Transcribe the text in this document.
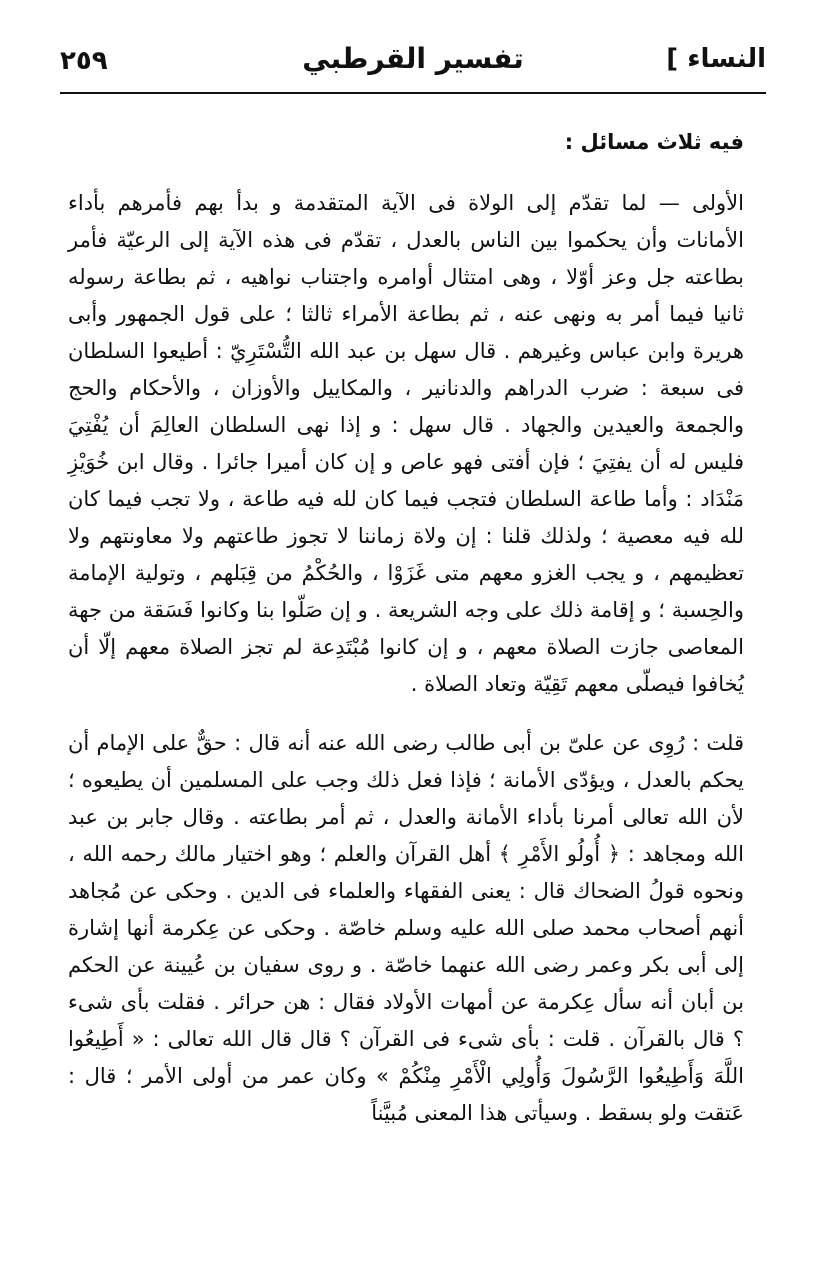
النساء ]
تفسير القرطبي
٢٥٩

فيه ثلاث مسائل :

الأولى — لما تقدّم إلى الولاة فى الآية المتقدمة و بدأ بهم فأمرهم بأداء الأمانات وأن يحكموا بين الناس بالعدل ، تقدّم فى هذه الآية إلى الرعيّة فأمر بطاعته جل وعز أوّلا ، وهى امتثال أوامره واجتناب نواهيه ، ثم بطاعة رسوله ثانيا فيما أمر به ونهى عنه ، ثم بطاعة الأمراء ثالثا ؛ على قول الجمهور وأبى هريرة وابن عباس وغيرهم . قال سهل بن عبد الله التُّسْتَرِيّ : أطيعوا السلطان فى سبعة : ضرب الدراهم والدنانير ، والمكاييل والأوزان ، والأحكام والحج والجمعة والعيدين والجهاد . قال سهل : و إذا نهى السلطان العالِمَ أن يُفْتِيَ فليس له أن يفتِيَ ؛ فإن أفتى فهو عاص و إن كان أميرا جائرا . وقال ابن خُوَيْزِ مَنْدَاد : وأما طاعة السلطان فتجب فيما كان لله فيه طاعة ، ولا تجب فيما كان لله فيه معصية ؛ ولذلك قلنا : إن ولاة زماننا لا تجوز طاعتهم ولا معاونتهم ولا تعظيمهم ، و يجب الغزو معهم متى غَزَوْا ، والحُكْمُ من قِبَلهم ، وتولية الإمامة والحِسبة ؛ و إقامة ذلك على وجه الشريعة . و إن صَلّوا بنا وكانوا فَسَقة من جهة المعاصى جازت الصلاة معهم ، و إن كانوا مُبْتَدِعة لم تجز الصلاة معهم إلّا أن يُخافوا فيصلّى معهم تَقِيّة وتعاد الصلاة .

قلت : رُوِى عن علىّ بن أبى طالب رضى الله عنه أنه قال : حقٌّ على الإمام أن يحكم بالعدل ، ويؤدّى الأمانة ؛ فإذا فعل ذلك وجب على المسلمين أن يطيعوه ؛ لأن الله تعالى أمرنا بأداء الأمانة والعدل ، ثم أمر بطاعته . وقال جابر بن عبد الله ومجاهد : ﴿ أُولُو الأَمْرِ ﴾ أهل القرآن والعلم ؛ وهو اختيار مالك رحمه الله ، ونحوه قولُ الضحاك قال : يعنى الفقهاء والعلماء فى الدين . وحكى عن مُجاهد أنهم أصحاب محمد صلى الله عليه وسلم خاصّة . وحكى عن عِكرمة أنها إشارة إلى أبى بكر وعمر رضى الله عنهما خاصّة . و روى سفيان بن عُيينة عن الحكم بن أبان أنه سأل عِكرمة عن أمهات الأولاد فقال : هن حرائر . فقلت بأى شىء ؟ قال بالقرآن . قلت : بأى شىء فى القرآن ؟ قال قال الله تعالى : « أَطِيعُوا اللَّهَ وَأَطِيعُوا الرَّسُولَ وَأُولِي الْأَمْرِ مِنْكُمْ » وكان عمر من أولى الأمر ؛ قال : عَتقت ولو بسقط . وسيأتى هذا المعنى مُبيَّناً
